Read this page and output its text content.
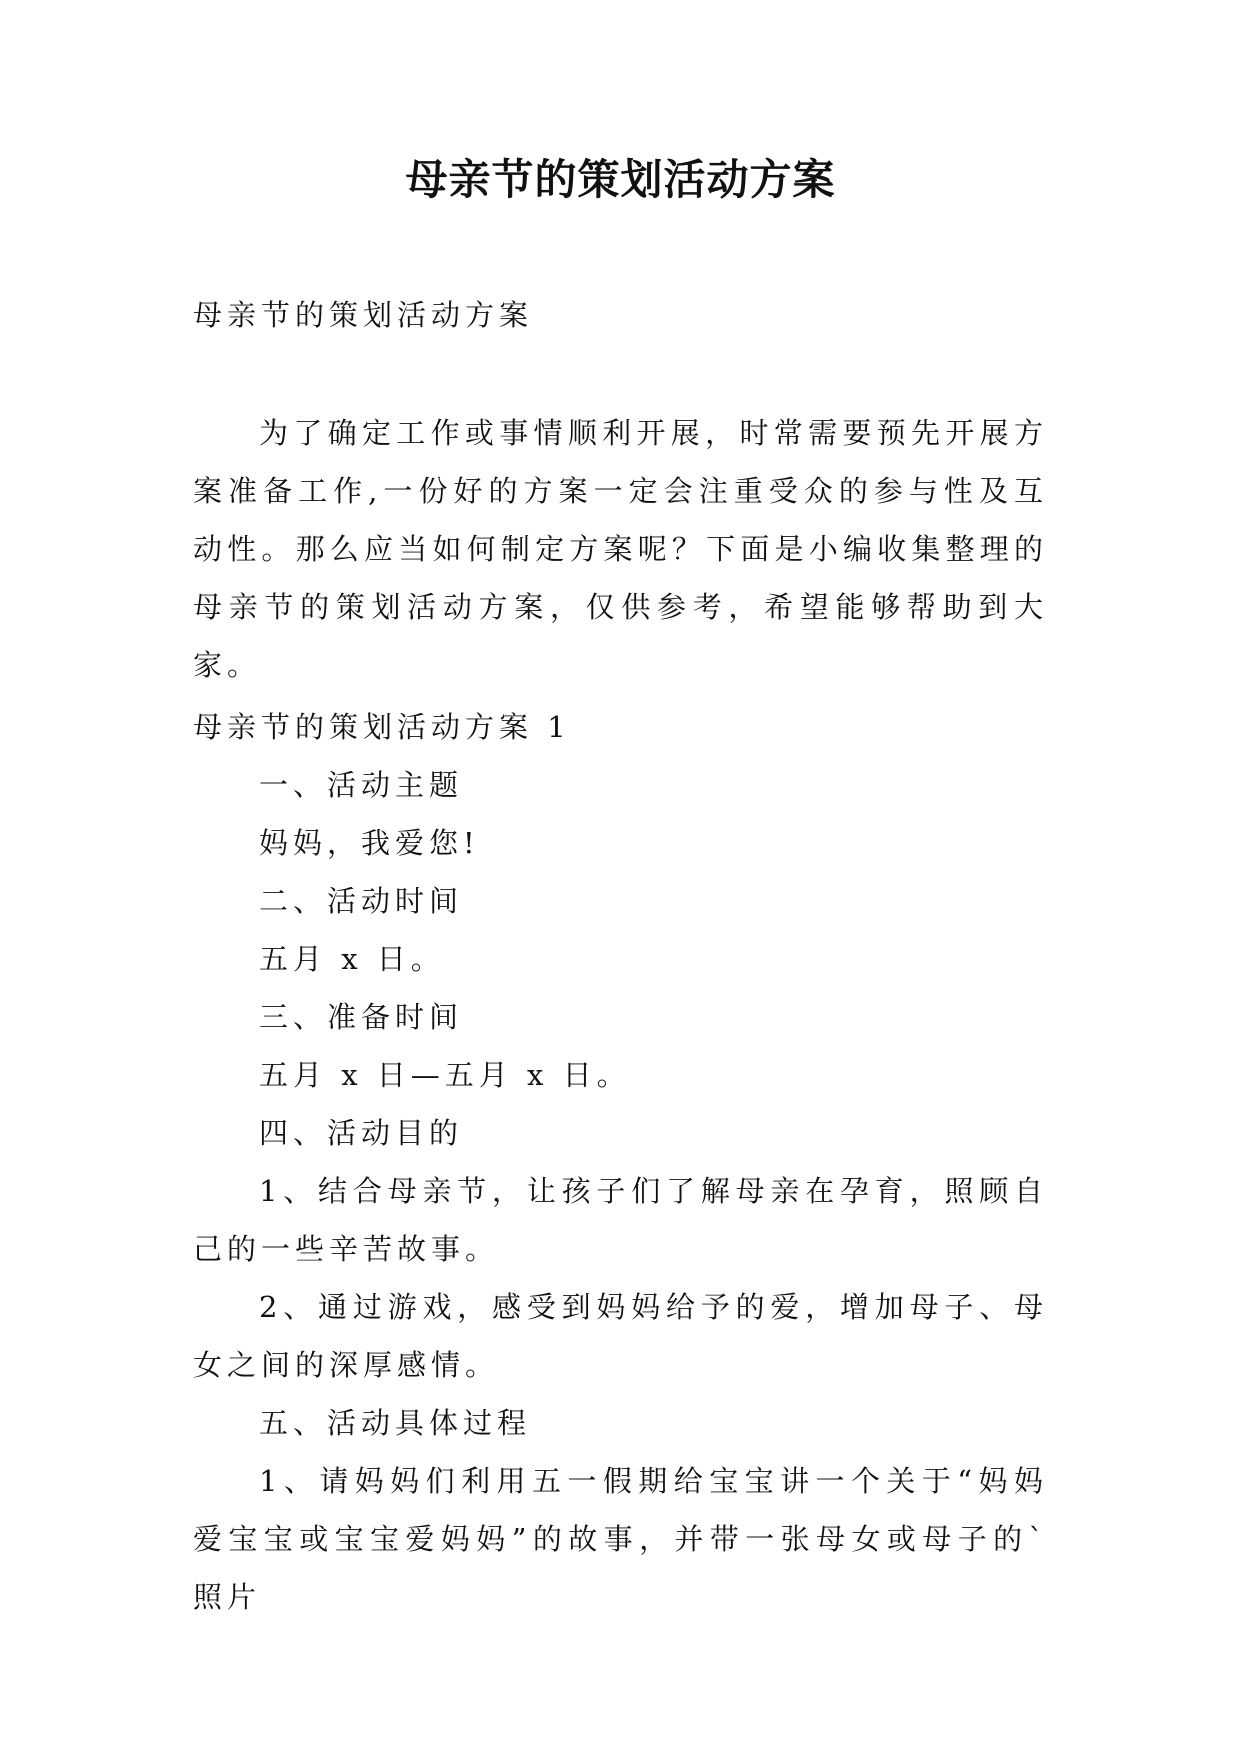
母亲节的策划活动方案

母亲节的策划活动方案

为了确定工作或事情顺利开展，时常需要预先开展方案准备工作,一份好的方案一定会注重受众的参与性及互动性。那么应当如何制定方案呢？下面是小编收集整理的母亲节的策划活动方案，仅供参考，希望能够帮助到大家。

母亲节的策划活动方案 1

一、活动主题

妈妈，我爱您!

二、活动时间

五月 x 日。

三、准备时间

五月 x 日—五月 x 日。

四、活动目的

1、结合母亲节，让孩子们了解母亲在孕育，照顾自己的一些辛苦故事。

2、通过游戏，感受到妈妈给予的爱，增加母子、母女之间的深厚感情。

五、活动具体过程

1、请妈妈们利用五一假期给宝宝讲一个关于“妈妈爱宝宝或宝宝爱妈妈”的故事，并带一张母女或母子的`照片
